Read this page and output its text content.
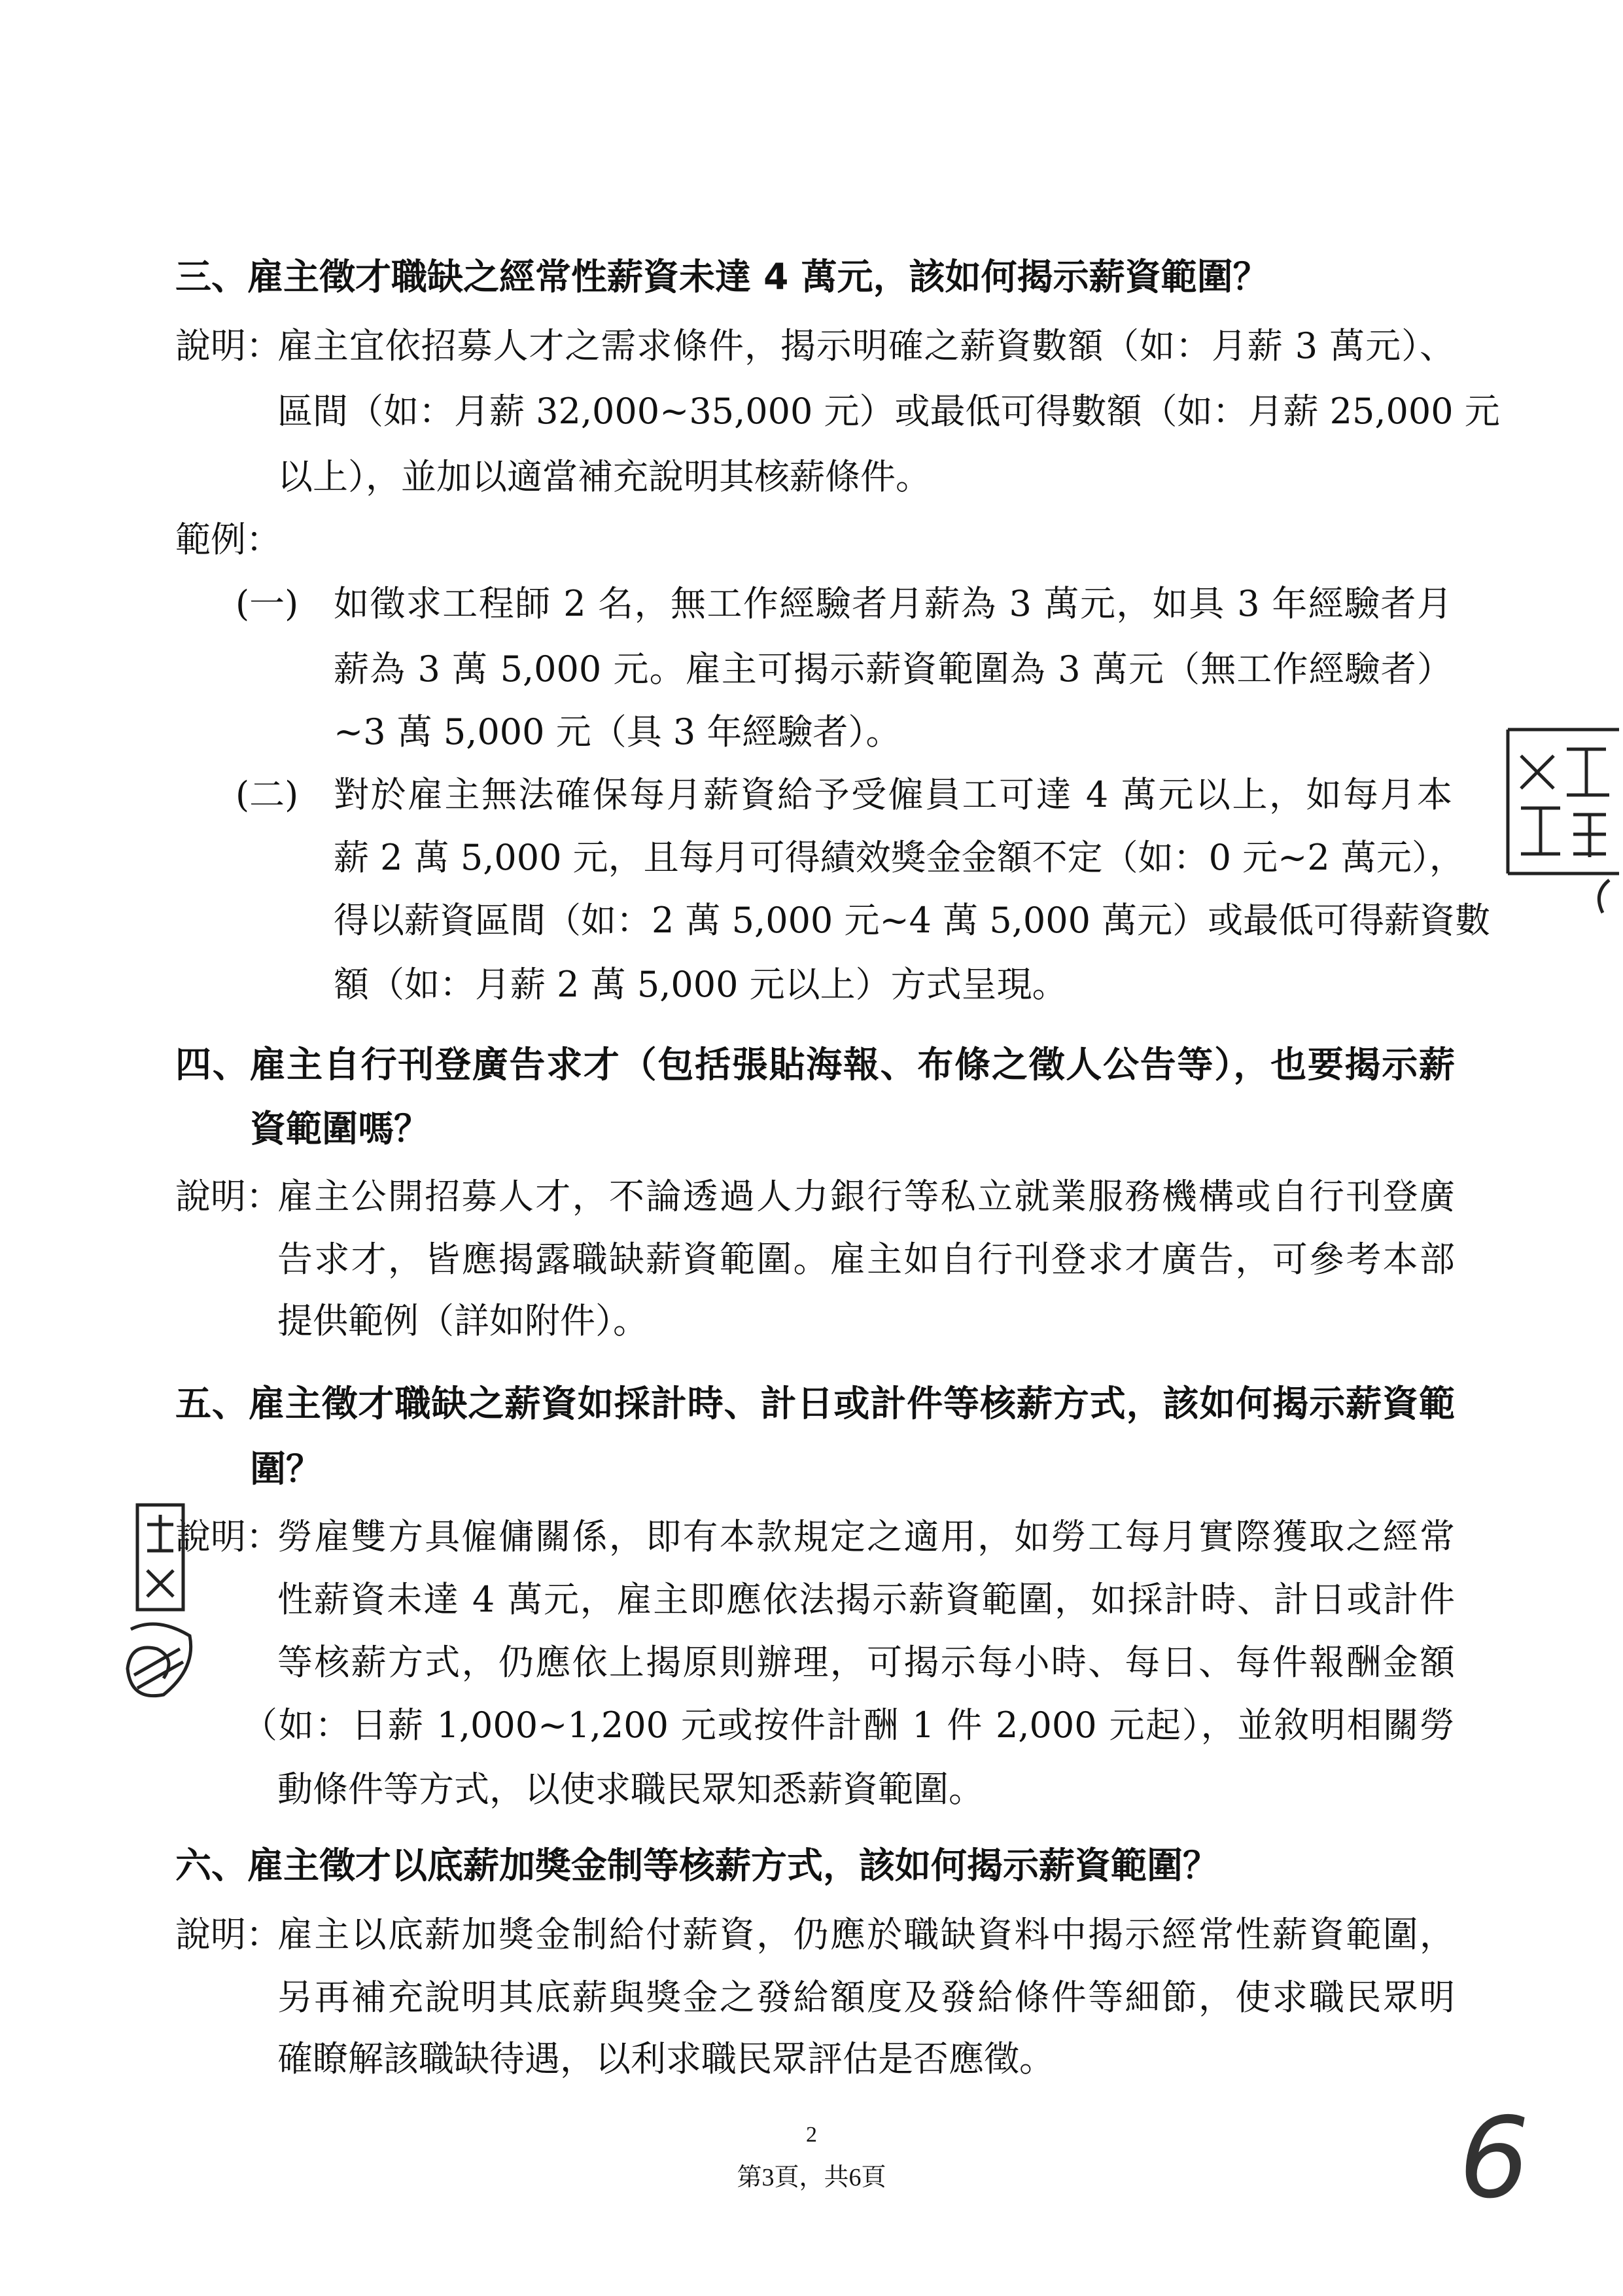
三、雇主徵才職缺之經常性薪資未達 4 萬元，該如何揭示薪資範圍？
說明：
雇主宜依招募人才之需求條件，揭示明確之薪資數額（如：月薪 3 萬元）、
區間（如：月薪 32,000~35,000 元）或最低可得數額（如：月薪 25,000 元
以上），並加以適當補充說明其核薪條件。
範例：
(一) 如徵求工程師 2 名，無工作經驗者月薪為 3 萬元，如具 3 年經驗者月
薪為 3 萬 5,000 元。雇主可揭示薪資範圍為 3 萬元（無工作經驗者）
~3 萬 5,000 元（具 3 年經驗者）。
(二) 對於雇主無法確保每月薪資給予受僱員工可達 4 萬元以上，如每月本
薪 2 萬 5,000 元，且每月可得績效獎金金額不定（如：0 元~2 萬元），
得以薪資區間（如：2 萬 5,000 元~4 萬 5,000 萬元）或最低可得薪資數
額（如：月薪 2 萬 5,000 元以上）方式呈現。
四、雇主自行刊登廣告求才（包括張貼海報、布條之徵人公告等），也要揭示薪
資範圍嗎？
說明：
雇主公開招募人才，不論透過人力銀行等私立就業服務機構或自行刊登廣
告求才，皆應揭露職缺薪資範圍。雇主如自行刊登求才廣告，可參考本部
提供範例（詳如附件）。
五、雇主徵才職缺之薪資如採計時、計日或計件等核薪方式，該如何揭示薪資範
圍？
說明：
勞雇雙方具僱傭關係，即有本款規定之適用，如勞工每月實際獲取之經常
性薪資未達 4 萬元，雇主即應依法揭示薪資範圍，如採計時、計日或計件
等核薪方式，仍應依上揭原則辦理，可揭示每小時、每日、每件報酬金額
（如：日薪 1,000~1,200 元或按件計酬 1 件 2,000 元起），並敘明相關勞
動條件等方式，以使求職民眾知悉薪資範圍。
六、雇主徵才以底薪加獎金制等核薪方式，該如何揭示薪資範圍？
說明：
雇主以底薪加獎金制給付薪資，仍應於職缺資料中揭示經常性薪資範圍，
另再補充說明其底薪與獎金之發給額度及發給條件等細節，使求職民眾明
確瞭解該職缺待遇，以利求職民眾評估是否應徵。
2
第3頁，共6頁	6
